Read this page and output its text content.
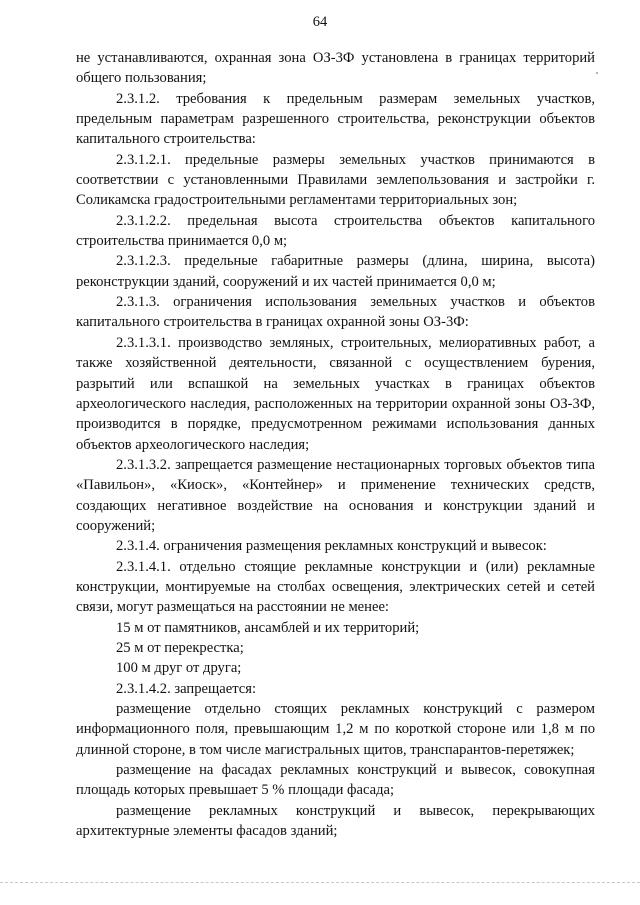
64

не устанавливаются, охранная зона ОЗ-3Ф установлена в границах территорий общего пользования;

2.3.1.2. требования к предельным размерам земельных участков, предельным параметрам разрешенного строительства, реконструкции объектов капитального строительства:

2.3.1.2.1. предельные размеры земельных участков принимаются в соответствии с установленными Правилами землепользования и застройки г. Соликамска градостроительными регламентами территориальных зон;

2.3.1.2.2. предельная высота строительства объектов капитального строительства принимается 0,0 м;

2.3.1.2.3. предельные габаритные размеры (длина, ширина, высота) реконструкции зданий, сооружений и их частей принимается 0,0 м;

2.3.1.3. ограничения использования земельных участков и объектов капитального строительства в границах охранной зоны ОЗ-3Ф:

2.3.1.3.1. производство земляных, строительных, мелиоративных работ, а также хозяйственной деятельности, связанной с осуществлением бурения, разрытий или вспашкой на земельных участках в границах объектов археологического наследия, расположенных на территории охранной зоны ОЗ-3Ф, производится в порядке, предусмотренном режимами использования данных объектов археологического наследия;

2.3.1.3.2. запрещается размещение нестационарных торговых объектов типа «Павильон», «Киоск», «Контейнер» и применение технических средств, создающих негативное воздействие на основания и конструкции зданий и сооружений;

2.3.1.4. ограничения размещения рекламных конструкций и вывесок:

2.3.1.4.1. отдельно стоящие рекламные конструкции и (или) рекламные конструкции, монтируемые на столбах освещения, электрических сетей и сетей связи, могут размещаться на расстоянии не менее:

15 м от памятников, ансамблей и их территорий;

25 м от перекрестка;

100 м друг от друга;

2.3.1.4.2. запрещается:

размещение отдельно стоящих рекламных конструкций с размером информационного поля, превышающим 1,2 м по короткой стороне или 1,8 м по длинной стороне, в том числе магистральных щитов, транспарантов-перетяжек;

размещение на фасадах рекламных конструкций и вывесок, совокупная площадь которых превышает 5 % площади фасада;

размещение рекламных конструкций и вывесок, перекрывающих архитектурные элементы фасадов зданий;
